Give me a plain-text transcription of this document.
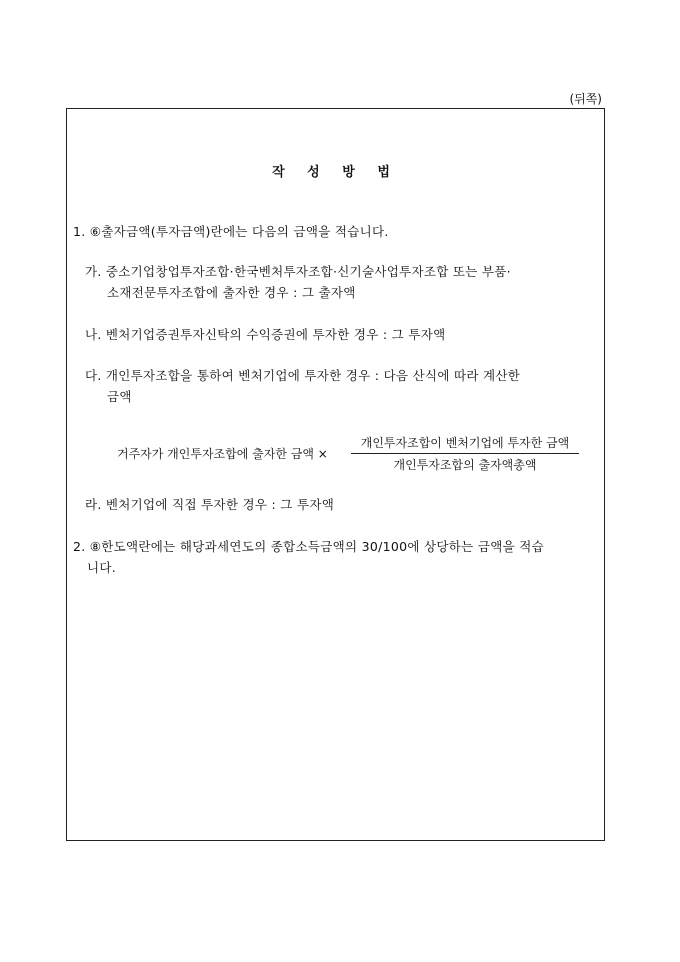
(뒤쪽)
작 성 방 법
1. ⑥출자금액(투자금액)란에는 다음의 금액을 적습니다.
가. 중소기업창업투자조합·한국벤처투자조합·신기술사업투자조합 또는 부품·
소재전문투자조합에 출자한 경우 : 그 출자액
나. 벤처기업증권투자신탁의 수익증권에 투자한 경우 : 그 투자액
다. 개인투자조합을 통하여 벤처기업에 투자한 경우 : 다음 산식에 따라 계산한
금액
거주자가 개인투자조합에 출자한 금액 ×
개인투자조합이 벤처기업에 투자한 금액
개인투자조합의 출자액총액
라. 벤처기업에 직접 투자한 경우 : 그 투자액
2. ⑧한도액란에는 해당과세연도의 종합소득금액의 30/100에 상당하는 금액을 적습
니다.
